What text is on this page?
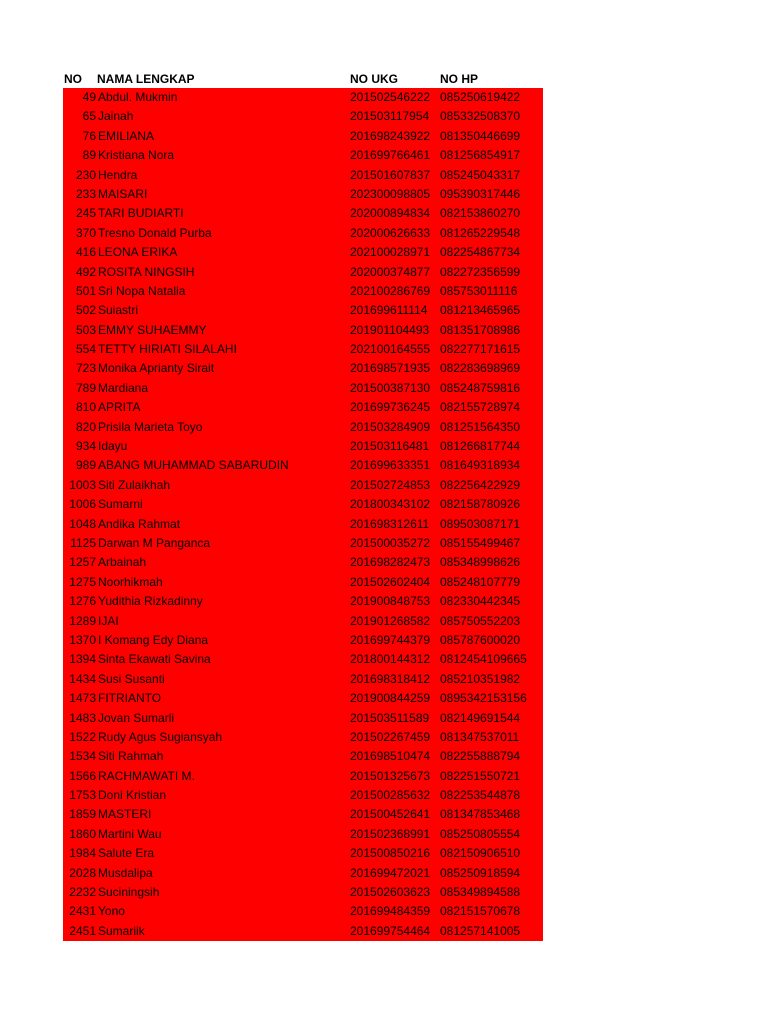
NO NAMA LENGKAP	NO UKG	NO HP
49 Abdul. Mukmin	201502546222 085250619422
65 Jainah	201503117954 085332508370
76 EMILIANA	201698243922 081350446699
89 Kristiana Nora	201699766461 081256854917
230 Hendra	201501607837 085245043317
233 MAISARI	202300098805 095390317446
245 TARI BUDIARTI	202000894834 082153860270
370 Tresno Donald Purba	202000626633 081265229548
416 LEONA ERIKA	202100028971 082254867734
492 ROSITA NINGSIH	202000374877 082272356599
501 Sri Nopa Natalia	202100286769 085753011116
502 Suiastri	201699611114 081213465965
503 EMMY SUHAEMMY	201901104493 081351708986
554 TETTY HIRIATI SILALAHI	202100164555 082277171615
723 Monika Aprianty Sirait	201698571935 082283698969
789 Mardiana	201500387130 085248759816
810 APRITA	201699736245 082155728974
820 Prisila Marieta Toyo	201503284909 081251564350
934 Idayu	201503116481 081266817744
989 ABANG MUHAMMAD SABARUDIN	201699633351 081649318934
1003 Siti Zulaikhah	201502724853 082256422929
1006 Sumarni	201800343102 082158780926
1048 Andika Rahmat	201698312611 089503087171
1125 Darwan M Panganca	201500035272 085155499467
1257 Arbainah	201698282473 085348998626
1275 Noorhikmah	201502602404 085248107779
1276 Yudithia Rizkadinny	201900848753 082330442345
1289 IJAI	201901268582 085750552203
1370 I Komang Edy Diana	201699744379 085787600020
1394 Sinta Ekawati Savina	201800144312 0812454109665
1434 Susi Susanti	201698318412 085210351982
1473 FITRIANTO	201900844259 0895342153156
1483 Jovan Sumarli	201503511589 082149691544
1522 Rudy Agus Sugiansyah	201502267459 081347537011
1534 Siti Rahmah	201698510474 082255888794
1566 RACHMAWATI M.	201501325673 082251550721
1753 Doni Kristian	201500285632 082253544878
1859 MASTERI	201500452641 081347853468
1860 Martini Wau	201502368991 085250805554
1984 Salute Era	201500850216 082150906510
2028 Musdalipa	201699472021 085250918594
2232 Suciningsih	201502603623 085349894588
2431 Yono	201699484359 082151570678
2451 Sumariik	201699754464 081257141005
